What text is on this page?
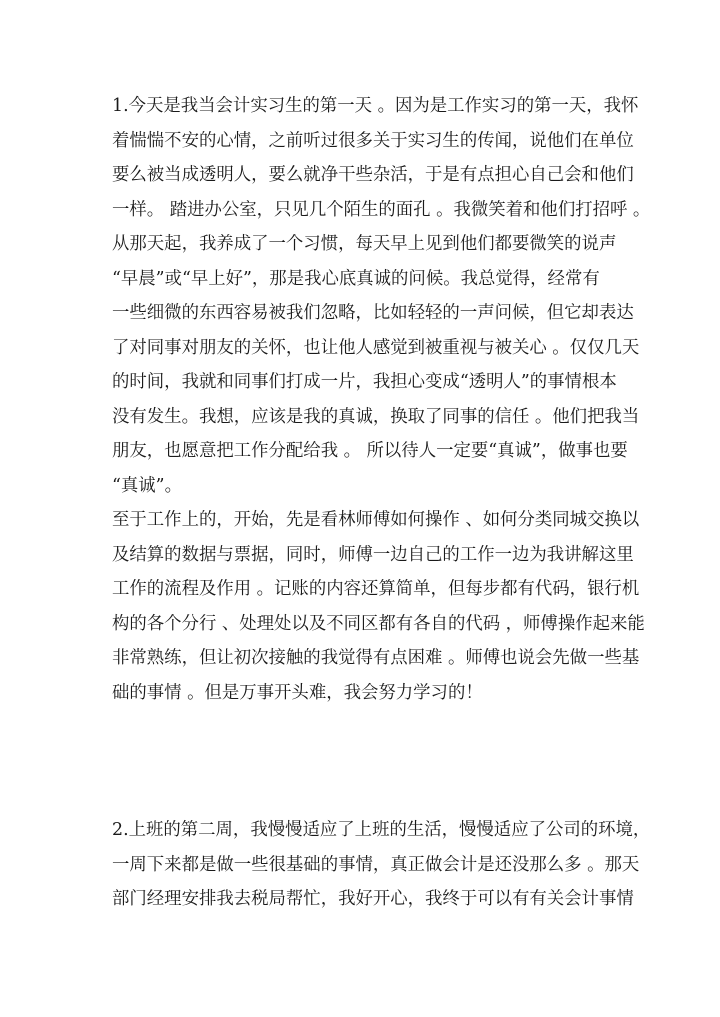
1.今天是我当会计实习生的第一天 。因为是工作实习的第一天，我怀
着惴惴不安的心情，之前听过很多关于实习生的传闻，说他们在单位
要么被当成透明人，要么就净干些杂活，于是有点担心自己会和他们
一样。 踏进办公室，只见几个陌生的面孔 。我微笑着和他们打招呼 。
从那天起，我养成了一个习惯，每天早上见到他们都要微笑的说声
“早晨”或“早上好”，那是我心底真诚的问候。我总觉得，经常有
一些细微的东西容易被我们忽略，比如轻轻的一声问候，但它却表达
了对同事对朋友的关怀，也让他人感觉到被重视与被关心 。仅仅几天
的时间，我就和同事们打成一片，我担心变成“透明人”的事情根本
没有发生。我想，应该是我的真诚，换取了同事的信任 。他们把我当
朋友，也愿意把工作分配给我 。 所以待人一定要“真诚”，做事也要
“真诚”。
至于工作上的，开始，先是看林师傅如何操作 、如何分类同城交换以
及结算的数据与票据，同时，师傅一边自己的工作一边为我讲解这里
工作的流程及作用 。记账的内容还算简单，但每步都有代码，银行机
构的各个分行 、处理处以及不同区都有各自的代码 ，师傅操作起来能
非常熟练，但让初次接触的我觉得有点困难 。师傅也说会先做一些基
础的事情 。但是万事开头难，我会努力学习的！
2.上班的第二周，我慢慢适应了上班的生活，慢慢适应了公司的环境，
一周下来都是做一些很基础的事情，真正做会计是还没那么多 。那天
部门经理安排我去税局帮忙，我好开心，我终于可以有有关会计事情
